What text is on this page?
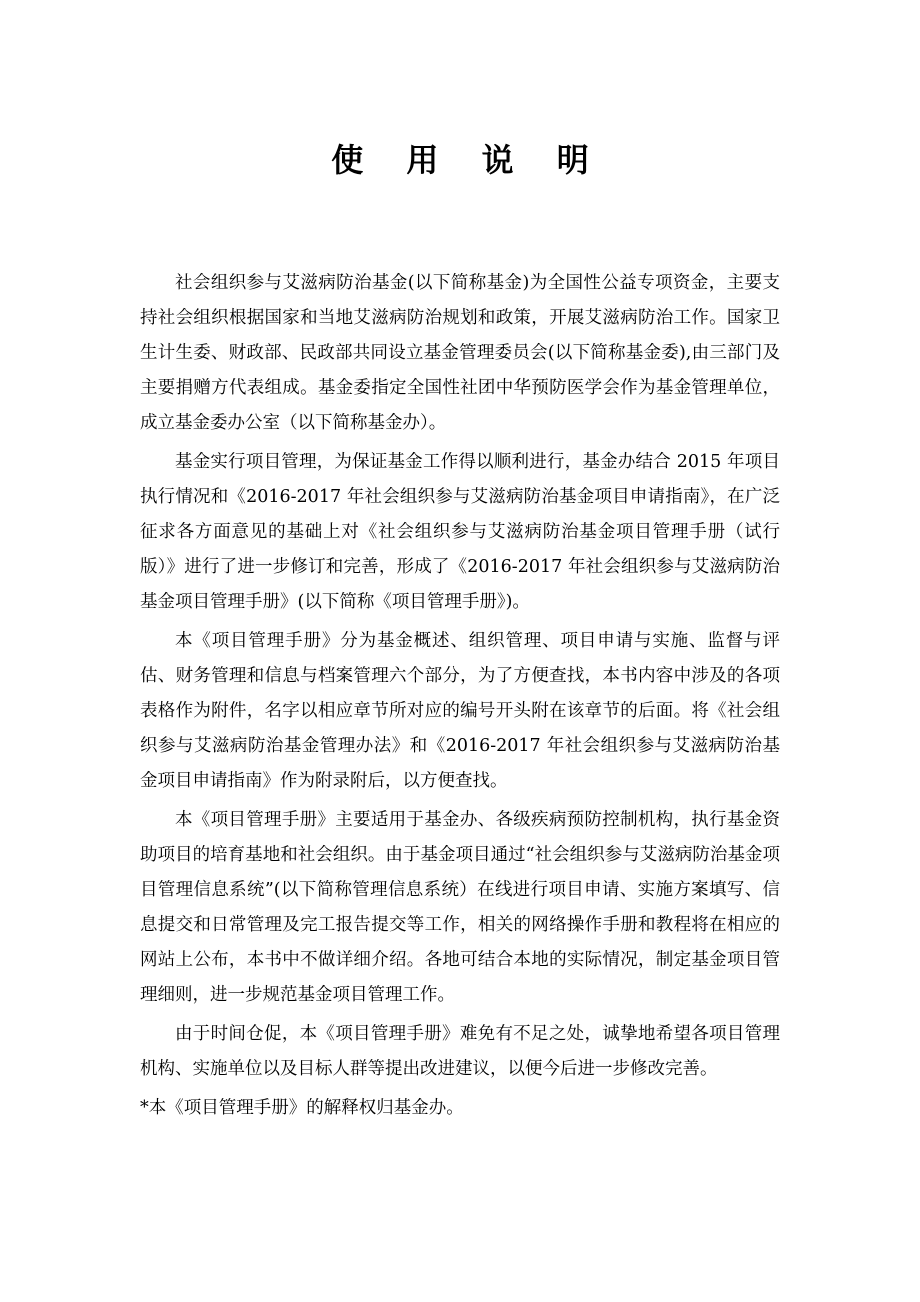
使 用 说 明

社会组织参与艾滋病防治基金(以下简称基金)为全国性公益专项资金，主要支持社会组织根据国家和当地艾滋病防治规划和政策，开展艾滋病防治工作。国家卫生计生委、财政部、民政部共同设立基金管理委员会(以下简称基金委),由三部门及主要捐赠方代表组成。基金委指定全国性社团中华预防医学会作为基金管理单位，成立基金委办公室（以下简称基金办）。

基金实行项目管理，为保证基金工作得以顺利进行，基金办结合 2015 年项目执行情况和《2016-2017 年社会组织参与艾滋病防治基金项目申请指南》，在广泛征求各方面意见的基础上对《社会组织参与艾滋病防治基金项目管理手册（试行版）》进行了进一步修订和完善，形成了《2016-2017 年社会组织参与艾滋病防治基金项目管理手册》(以下简称《项目管理手册》)。

本《项目管理手册》分为基金概述、组织管理、项目申请与实施、监督与评估、财务管理和信息与档案管理六个部分，为了方便查找，本书内容中涉及的各项表格作为附件，名字以相应章节所对应的编号开头附在该章节的后面。将《社会组织参与艾滋病防治基金管理办法》和《2016-2017 年社会组织参与艾滋病防治基金项目申请指南》作为附录附后，以方便查找。

本《项目管理手册》主要适用于基金办、各级疾病预防控制机构，执行基金资助项目的培育基地和社会组织。由于基金项目通过“社会组织参与艾滋病防治基金项目管理信息系统”(以下简称管理信息系统）在线进行项目申请、实施方案填写、信息提交和日常管理及完工报告提交等工作，相关的网络操作手册和教程将在相应的网站上公布，本书中不做详细介绍。各地可结合本地的实际情况，制定基金项目管理细则，进一步规范基金项目管理工作。

由于时间仓促，本《项目管理手册》难免有不足之处，诚挚地希望各项目管理机构、实施单位以及目标人群等提出改进建议，以便今后进一步修改完善。

*本《项目管理手册》的解释权归基金办。
